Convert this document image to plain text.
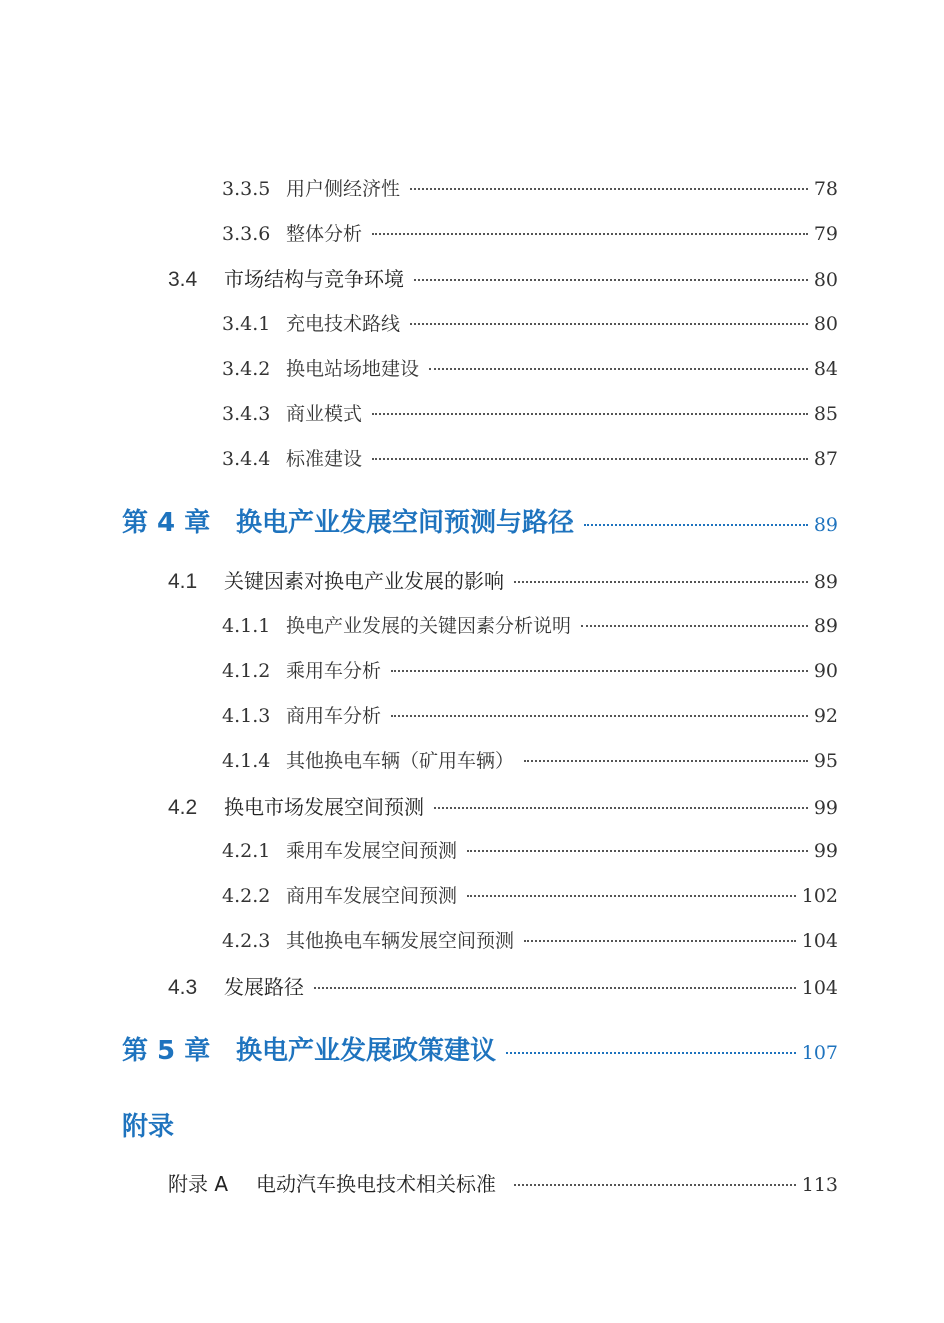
3.3.5 用户侧经济性	78
3.3.6 整体分析	79
3.4	市场结构与竞争环境	80
3.4.1 充电技术路线	80
3.4.2 换电站场地建设	84
3.4.3 商业模式	85
3.4.4 标准建设	87
第 4 章 换电产业发展空间预测与路径	89
4.1	关键因素对换电产业发展的影响	89
4.1.1 换电产业发展的关键因素分析说明	89
4.1.2 乘用车分析	90
4.1.3 商用车分析	92
4.1.4 其他换电车辆（矿用车辆）	95
4.2	换电市场发展空间预测	99
4.2.1 乘用车发展空间预测	99
4.2.2 商用车发展空间预测	102
4.2.3 其他换电车辆发展空间预测	104
4.3	发展路径	104
第 5 章 换电产业发展政策建议	107
附录
附录 A	电动汽车换电技术相关标准	113
